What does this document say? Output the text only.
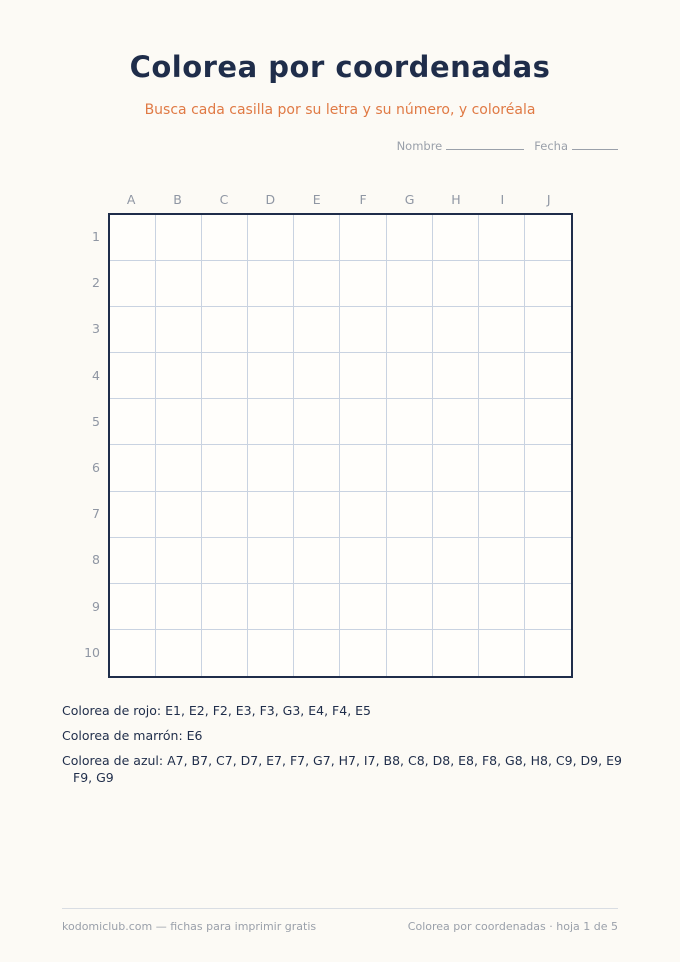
Colorea por coordenadas
Busca cada casilla por su letra y su número, y coloréala
Nombre	Fecha
A	B	C	D	E	F	G	H	I	J
1
2
3
4
5
6
7
8
9
10

Colorea de rojo: E1, E2, F2, E3, F3, G3, E4, F4, E5

Colorea de marrón: E6

Colorea de azul: A7, B7, C7, D7, E7, F7, G7, H7, I7, B8, C8, D8, E8, F8, G8, H8, C9, D9, E9 F9, G9

kodomiclub.com — fichas para imprimir gratis	Colorea por coordenadas · hoja 1 de 5
